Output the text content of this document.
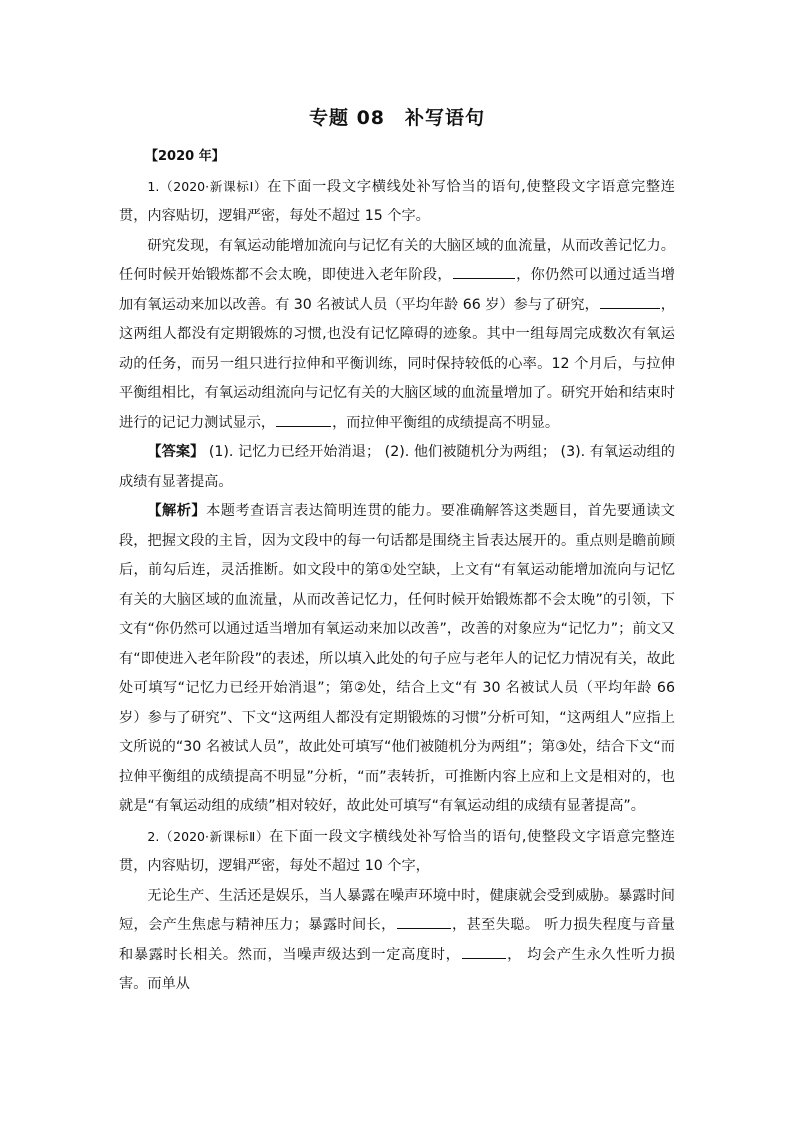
专题 08　补写语句

【2020 年】

1.（2020·新课标Ⅰ）在下面一段文字横线处补写恰当的语句,使整段文字语意完整连贯，内容贴切，逻辑严密，每处不超过 15 个字。

研究发现，有氧运动能增加流向与记忆有关的大脑区域的血流量，从而改善记忆力。任何时候开始锻炼都不会太晚，即使进入老年阶段，	，你仍然可以通过适当增加有氧运动来加以改善。有 30 名被试人员（平均年龄 66 岁）参与了研究，	，这两组人都没有定期锻炼的习惯,也没有记忆障碍的迹象。其中一组每周完成数次有氧运动的任务，而另一组只进行拉伸和平衡训练，同时保持较低的心率。12 个月后，与拉伸平衡组相比，有氧运动组流向与记忆有关的大脑区域的血流量增加了。研究开始和结束时进行的记记力测试显示，	，而拉伸平衡组的成绩提高不明显。

【答案】 (1). 记忆力已经开始消退； (2). 他们被随机分为两组； (3). 有氧运动组的成绩有显著提高。

【解析】本题考查语言表达简明连贯的能力。要准确解答这类题目，首先要通读文段，把握文段的主旨，因为文段中的每一句话都是围绕主旨表达展开的。重点则是瞻前顾后，前勾后连，灵活推断。如文段中的第①处空缺，上文有“有氧运动能增加流向与记忆有关的大脑区域的血流量，从而改善记忆力，任何时候开始锻炼都不会太晚”的引领，下文有“你仍然可以通过适当增加有氧运动来加以改善”，改善的对象应为“记忆力”；前文又有“即使进入老年阶段”的表述，所以填入此处的句子应与老年人的记忆力情况有关，故此处可填写“记忆力已经开始消退”；第②处，结合上文“有 30 名被试人员（平均年龄 66 岁）参与了研究”、下文“这两组人都没有定期锻炼的习惯”分析可知，“这两组人”应指上文所说的“30 名被试人员”，故此处可填写“他们被随机分为两组”；第③处，结合下文“而拉伸平衡组的成绩提高不明显”分析，“而”表转折，可推断内容上应和上文是相对的，也就是“有氧运动组的成绩”相对较好，故此处可填写“有氧运动组的成绩有显著提高”。

2.（2020·新课标Ⅱ）在下面一段文字横线处补写恰当的语句,使整段文字语意完整连贯，内容贴切，逻辑严密，每处不超过 10 个字，

无论生产、生活还是娱乐，当人暴露在噪声环境中时，健康就会受到威胁。暴露时间短，会产生焦虑与精神压力；暴露时间长，	，甚至失聪。 听力损失程度与音量和暴露时长相关。然而，当噪声级达到一定高度时，	， 均会产生永久性听力损害。而单从
